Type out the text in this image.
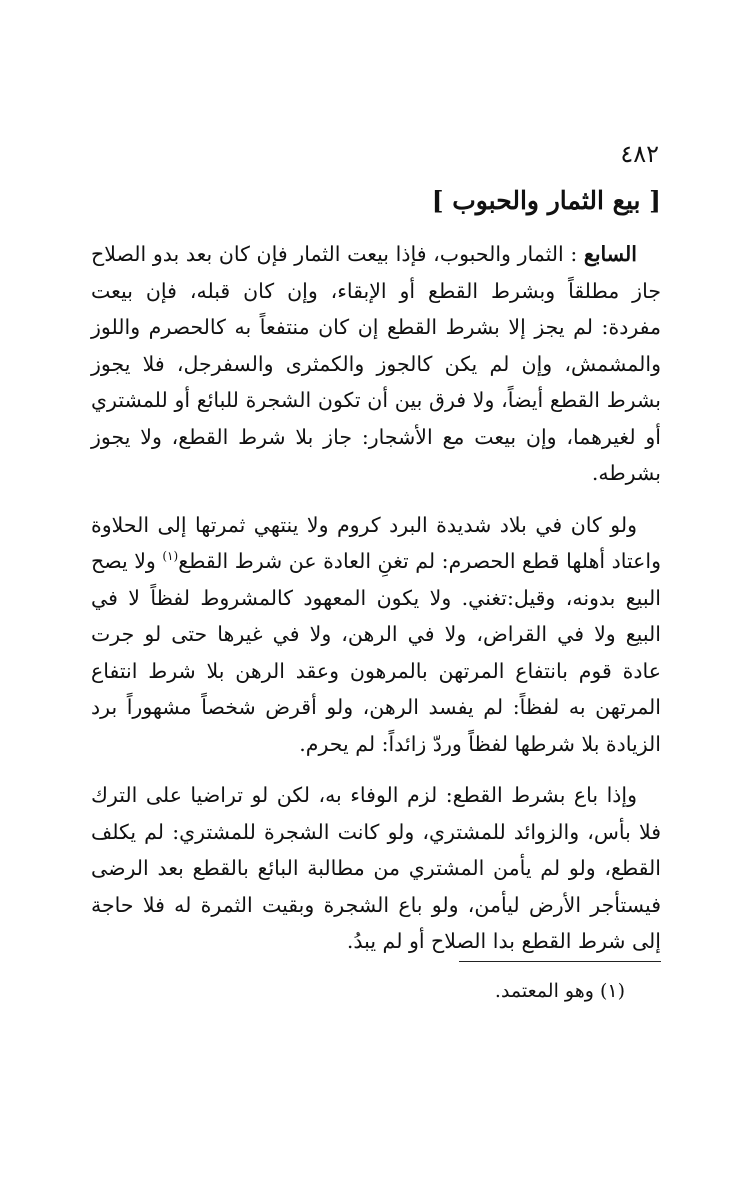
٤٨٢

[ بيع الثمار والحبوب ]

السابع : الثمار والحبوب، فإذا بيعت الثمار فإن كان بعد بدو الصلاح جاز مطلقاً وبشرط القطع أو الإبقاء، وإن كان قبله، فإن بيعت مفردة: لم يجز إلا بشرط القطع إن كان منتفعاً به كالحصرم واللوز والمشمش، وإن لم يكن كالجوز والكمثرى والسفرجل، فلا يجوز بشرط القطع أيضاً، ولا فرق بين أن تكون الشجرة للبائع أو للمشتري أو لغيرهما، وإن بيعت مع الأشجار: جاز بلا شرط القطع، ولا يجوز بشرطه.

ولو كان في بلاد شديدة البرد كروم ولا ينتهي ثمرتها إلى الحلاوة واعتاد أهلها قطع الحصرم: لم تغنِ العادة عن شرط القطع$^{(١)}$ ولا يصح البيع بدونه، وقيل:تغني. ولا يكون المعهود كالمشروط لفظاً لا في البيع ولا في القراض، ولا في الرهن، ولا في غيرها حتى لو جرت عادة قوم بانتفاع المرتهن بالمرهون وعقد الرهن بلا شرط انتفاع المرتهن به لفظاً: لم يفسد الرهن، ولو أقرض شخصاً مشهوراً برد الزيادة بلا شرطها لفظاً وردّ زائداً: لم يحرم.

وإذا باع بشرط القطع: لزم الوفاء به، لكن لو تراضيا على الترك فلا بأس، والزوائد للمشتري، ولو كانت الشجرة للمشتري: لم يكلف القطع، ولو لم يأمن المشتري من مطالبة البائع بالقطع بعد الرضى فيستأجر الأرض ليأمن، ولو باع الشجرة وبقيت الثمرة له فلا حاجة إلى شرط القطع بدا الصلاح أو لم يبدُ.

(١) وهو المعتمد.
